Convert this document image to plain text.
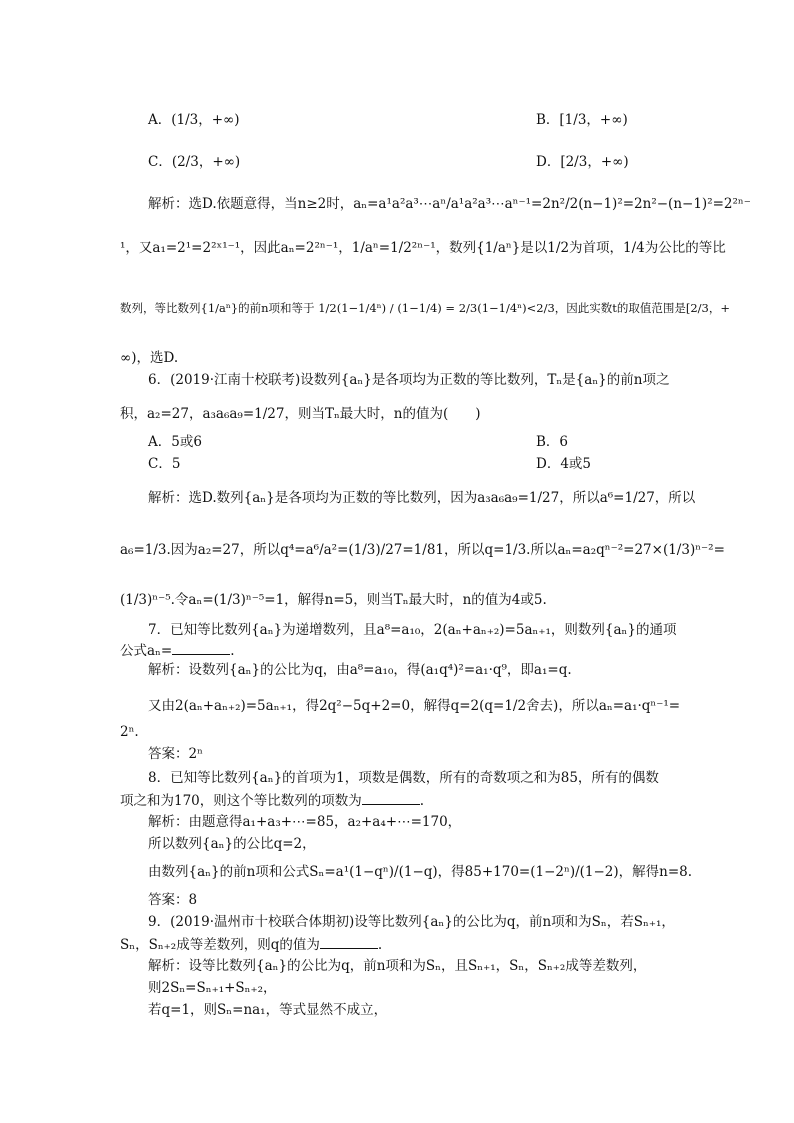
A．(1/3，+∞)	B．[1/3，+∞)
C．(2/3，+∞)	D．[2/3，+∞)
解析：选D.依题意得，当n≥2时，aₙ=a¹a²a³⋯aⁿ/a¹a²a³⋯aⁿ⁻¹=2n²/2(n−1)²=2n²−(n−1)²=2²ⁿ⁻
¹，又a₁=2¹=2²ˣ¹⁻¹，因此aₙ=2²ⁿ⁻¹，1/aⁿ=1/2²ⁿ⁻¹，数列{1/aⁿ}是以1/2为首项，1/4为公比的等比
数列，等比数列{1/aⁿ}的前n项和等于 1/2(1−1/4ⁿ) / (1−1/4) = 2/3(1−1/4ⁿ)<2/3，因此实数t的取值范围是[2/3，+
∞)，选D.
6．(2019·江南十校联考)设数列{aₙ}是各项均为正数的等比数列，Tₙ是{aₙ}的前n项之
积，a₂=27，a₃a₆a₉=1/27，则当Tₙ最大时，n的值为(　　)
A．5或6	B．6
C．5	D．4或5
解析：选D.数列{aₙ}是各项均为正数的等比数列，因为a₃a₆a₉=1/27，所以a⁶=1/27，所以
a₆=1/3.因为a₂=27，所以q⁴=a⁶/a²=(1/3)/27=1/81，所以q=1/3.所以aₙ=a₂qⁿ⁻²=27×(1/3)ⁿ⁻²=
(1/3)ⁿ⁻⁵.令aₙ=(1/3)ⁿ⁻⁵=1，解得n=5，则当Tₙ最大时，n的值为4或5.
7．已知等比数列{aₙ}为递增数列，且a⁸=a₁₀，2(aₙ+aₙ₊₂)=5aₙ₊₁，则数列{aₙ}的通项
公式aₙ=	.
解析：设数列{aₙ}的公比为q，由a⁸=a₁₀，得(a₁q⁴)²=a₁·q⁹，即a₁=q.
又由2(aₙ+aₙ₊₂)=5aₙ₊₁，得2q²−5q+2=0，解得q=2(q=1/2舍去)，所以aₙ=a₁·qⁿ⁻¹=
2ⁿ.
答案：2ⁿ
8．已知等比数列{aₙ}的首项为1，项数是偶数，所有的奇数项之和为85，所有的偶数
项之和为170，则这个等比数列的项数为	.
解析：由题意得a₁+a₃+⋯=85，a₂+a₄+⋯=170，
所以数列{aₙ}的公比q=2，
由数列{aₙ}的前n项和公式Sₙ=a¹(1−qⁿ)/(1−q)，得85+170=(1−2ⁿ)/(1−2)，解得n=8.
答案：8
9．(2019·温州市十校联合体期初)设等比数列{aₙ}的公比为q，前n项和为Sₙ，若Sₙ₊₁，
Sₙ，Sₙ₊₂成等差数列，则q的值为	.
解析：设等比数列{aₙ}的公比为q，前n项和为Sₙ，且Sₙ₊₁，Sₙ，Sₙ₊₂成等差数列，
则2Sₙ=Sₙ₊₁+Sₙ₊₂，
若q=1，则Sₙ=na₁，等式显然不成立，
